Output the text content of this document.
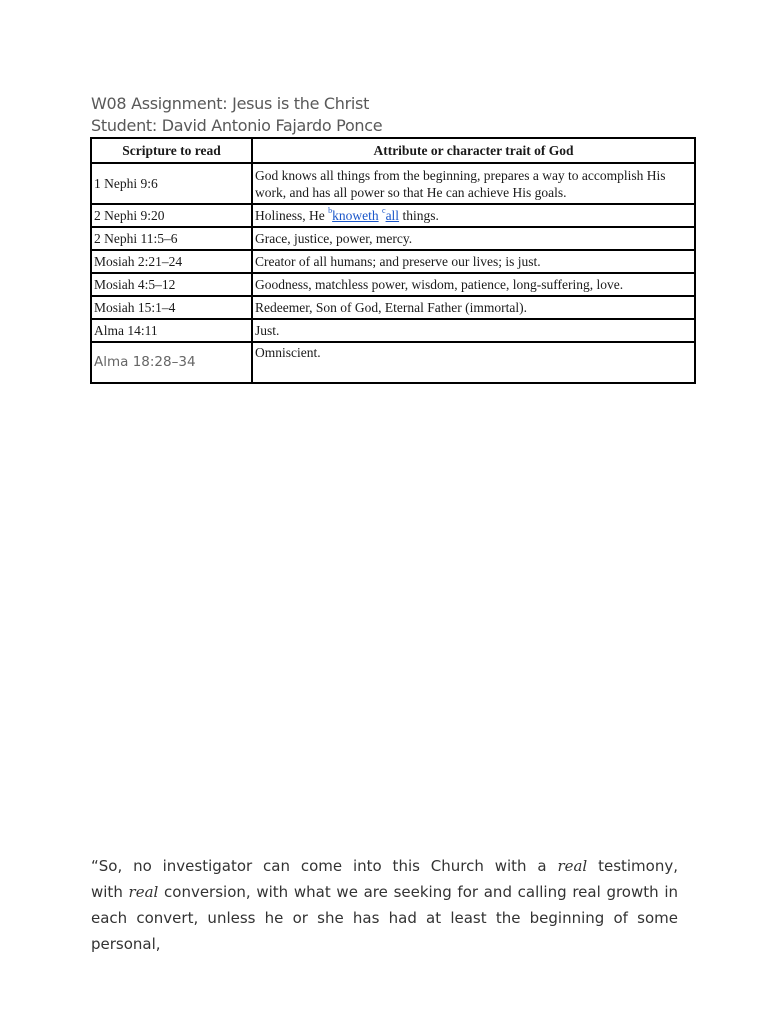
W08 Assignment: Jesus is the Christ
Student: David Antonio Fajardo Ponce
Scripture to read	Attribute or character trait of God
1 Nephi 9:6	God knows all things from the beginning, prepares a way to accomplish His work, and has all power so that He can achieve His goals.
2 Nephi 9:20	Holiness, He $^b$knoweth $^c$all things.
2 Nephi 11:5–6	Grace, justice, power, mercy.
Mosiah 2:21–24	Creator of all humans; and preserve our lives; is just.
Mosiah 4:5–12	Goodness, matchless power, wisdom, patience, long-suffering, love.
Mosiah 15:1–4	Redeemer, Son of God, Eternal Father (immortal).
Alma 14:11	Just.
Alma 18:28–34	Omniscient.
“So, no investigator can come into this Church with a real testimony,
with real conversion, with what we are seeking for and calling real growth in
each convert, unless he or she has had at least the beginning of some personal,
